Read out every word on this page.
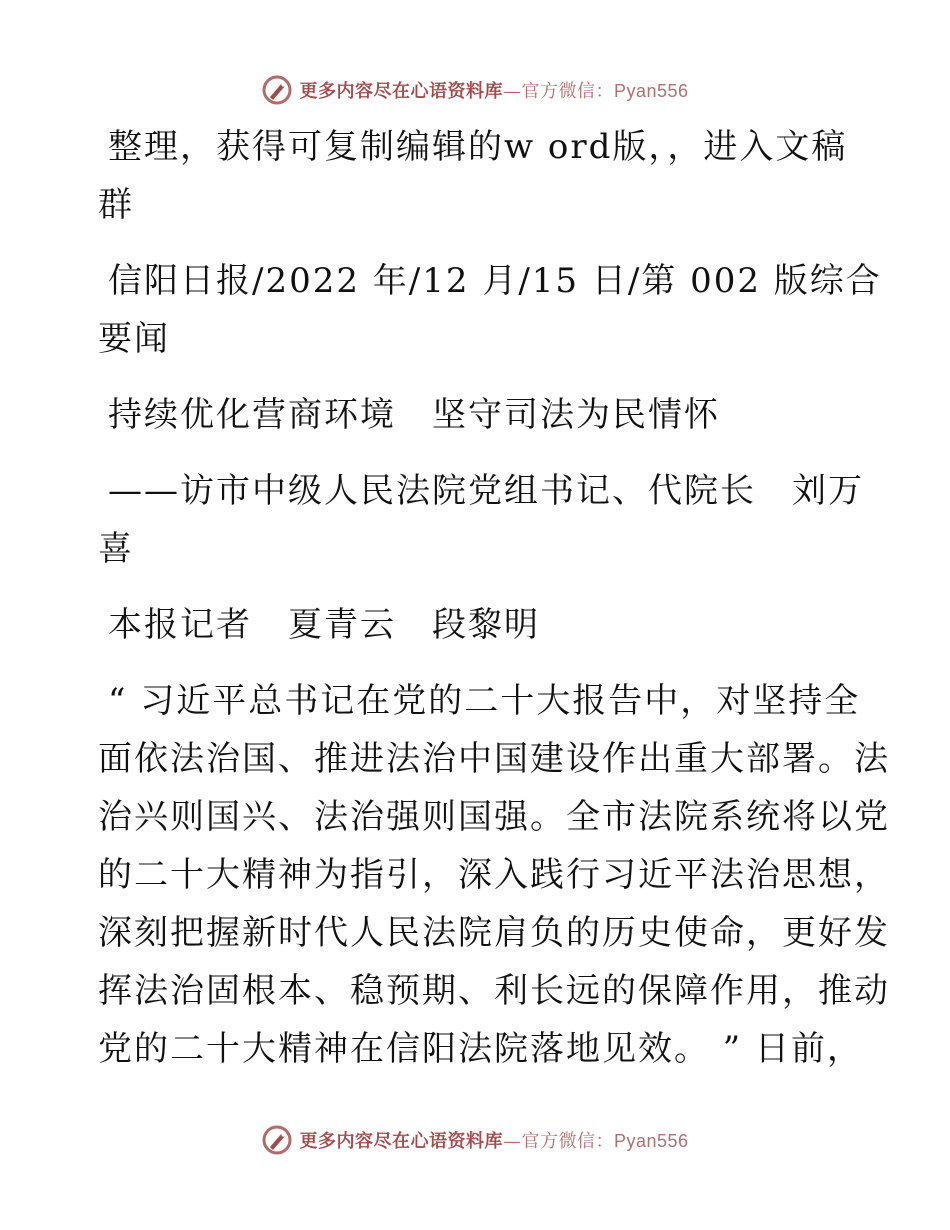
更多内容尽在心语资料库—官方微信：Pyan556

整理，获得可复制编辑的w ord版，，进入文稿

群

信阳日报/2022 年/12 月/15 日/第 002 版综合

要闻

持续优化营商环境　坚守司法为民情怀

——访市中级人民法院党组书记、代院长　刘万

喜

本报记者　夏青云　段黎明

“ 习近平总书记在党的二十大报告中，对坚持全

面依法治国、推进法治中国建设作出重大部署。法

治兴则国兴、法治强则国强。全市法院系统将以党

的二十大精神为指引，深入践行习近平法治思想，

深刻把握新时代人民法院肩负的历史使命，更好发

挥法治固根本、稳预期、利长远的保障作用，推动

党的二十大精神在信阳法院落地见效。 ” 日前，

更多内容尽在心语资料库—官方微信：Pyan556
